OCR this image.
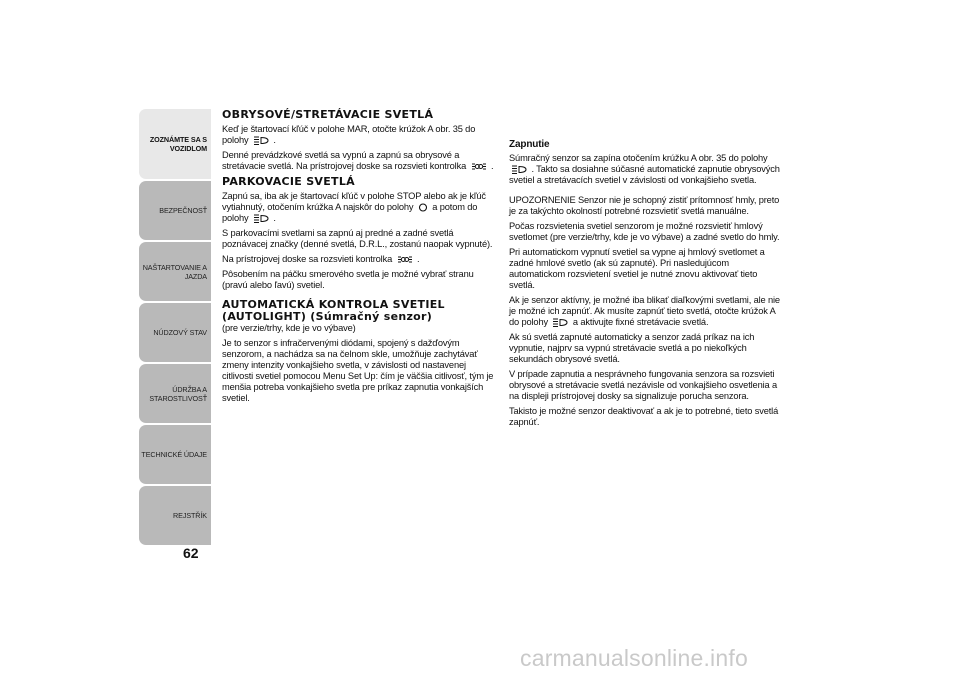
ZOZNÁMTE SA S VOZIDLOM
BEZPEČNOSŤ
NAŠTARTOVANIE A JAZDA
NÚDZOVÝ STAV
ÚDRŽBA A STAROSTLIVOSŤ
TECHNICKÉ ÚDAJE
REJSTŘÍK
62
OBRYSOVÉ/STRETÁVACIE SVETLÁ

Keď je štartovací kľúč v polohe MAR, otočte krúžok A obr. 35 do polohy	.

Denné prevádzkové svetlá sa vypnú a zapnú sa obrysové a stretávacie svetlá. Na prístrojovej doske sa rozsvieti kontrolka	.

PARKOVACIE SVETLÁ

Zapnú sa, iba ak je štartovací kľúč v polohe STOP alebo ak je kľúč vytiahnutý, otočením krúžka A najskôr do polohy a potom do polohy	.

S parkovacími svetlami sa zapnú aj predné a zadné svetlá poznávacej značky (denné svetlá, D.R.L., zostanú naopak vypnuté).

Na prístrojovej doske sa rozsvieti kontrolka	.

Pôsobením na páčku smerového svetla je možné vybrať stranu (pravú alebo ľavú) svetiel.

AUTOMATICKÁ KONTROLA SVETIEL (AUTOLIGHT) (Súmračný senzor)

(pre verzie/trhy, kde je vo výbave)

Je to senzor s infračervenými diódami, spojený s dažďovým senzorom, a nachádza sa na čelnom skle, umožňuje zachytávať zmeny intenzity vonkajšieho svetla, v závislosti od nastavenej citlivosti svetiel pomocou Menu Set Up: čím je väčšia citlivosť, tým je menšia potreba vonkajšieho svetla pre príkaz zapnutia vonkajších svetiel.

Zapnutie

Súmračný senzor sa zapína otočením krúžku A obr. 35 do polohy  . Takto sa dosiahne súčasné automatické zapnutie obrysových svetiel a stretávacích svetiel v závislosti od vonkajšieho svetla.

UPOZORNENIE Senzor nie je schopný zistiť prítomnosť hmly, preto je za takýchto okolností potrebné rozsvietiť svetlá manuálne.

Počas rozsvietenia svetiel senzorom je možné rozsvietiť hmlový svetlomet (pre verzie/trhy, kde je vo výbave) a zadné svetlo do hmly.

Pri automatickom vypnutí svetiel sa vypne aj hmlový svetlomet a zadné hmlové svetlo (ak sú zapnuté). Pri nasledujúcom automatickom rozsvietení svetiel je nutné znovu aktivovať tieto svetlá.

Ak je senzor aktívny, je možné iba blikať diaľkovými svetlami, ale nie je možné ich zapnúť. Ak musíte zapnúť tieto svetlá, otočte krúžok A do polohy	a aktivujte fixné stretávacie svetlá.

Ak sú svetlá zapnuté automaticky a senzor zadá príkaz na ich vypnutie, najprv sa vypnú stretávacie svetlá a po niekoľkých sekundách obrysové svetlá.

V prípade zapnutia a nesprávneho fungovania senzora sa rozsvieti obrysové a stretávacie svetlá nezávisle od vonkajšieho osvetlenia a na displeji prístrojovej dosky sa signalizuje porucha senzora.

Takisto je možné senzor deaktivovať a ak je to potrebné, tieto svetlá zapnúť.

carmanualsonline.info
